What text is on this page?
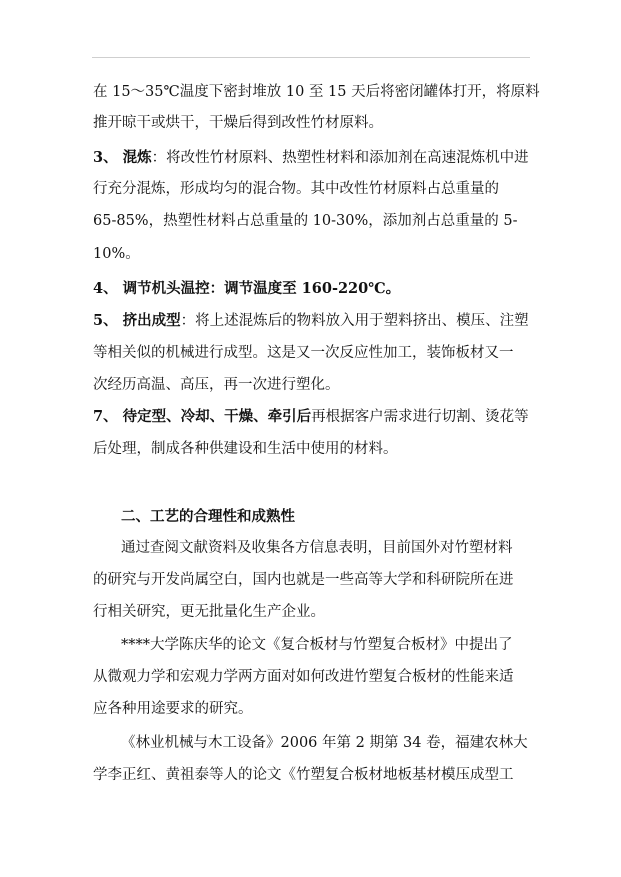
在 15～35℃温度下密封堆放 10 至 15 天后将密闭罐体打开，将原料
推开晾干或烘干，干燥后得到改性竹材原料。
3、 混炼：将改性竹材原料、热塑性材料和添加剂在高速混炼机中进
行充分混炼，形成均匀的混合物。其中改性竹材原料占总重量的
65-85%，热塑性材料占总重量的 10-30%，添加剂占总重量的 5-
10%。
4、 调节机头温控：调节温度至 160-220℃。
5、 挤出成型：将上述混炼后的物料放入用于塑料挤出、模压、注塑
等相关似的机械进行成型。这是又一次反应性加工，装饰板材又一
次经历高温、高压，再一次进行塑化。
7、 待定型、冷却、干燥、牵引后再根据客户需求进行切割、烫花等
后处理，制成各种供建设和生活中使用的材料。
二、工艺的合理性和成熟性
通过查阅文献资料及收集各方信息表明，目前国外对竹塑材料
的研究与开发尚属空白，国内也就是一些高等大学和科研院所在进
行相关研究，更无批量化生产企业。
****大学陈庆华的论文《复合板材与竹塑复合板材》中提出了
从微观力学和宏观力学两方面对如何改进竹塑复合板材的性能来适
应各种用途要求的研究。
《林业机械与木工设备》2006 年第 2 期第 34 卷，福建农林大
学李正红、黄祖泰等人的论文《竹塑复合板材地板基材模压成型工
